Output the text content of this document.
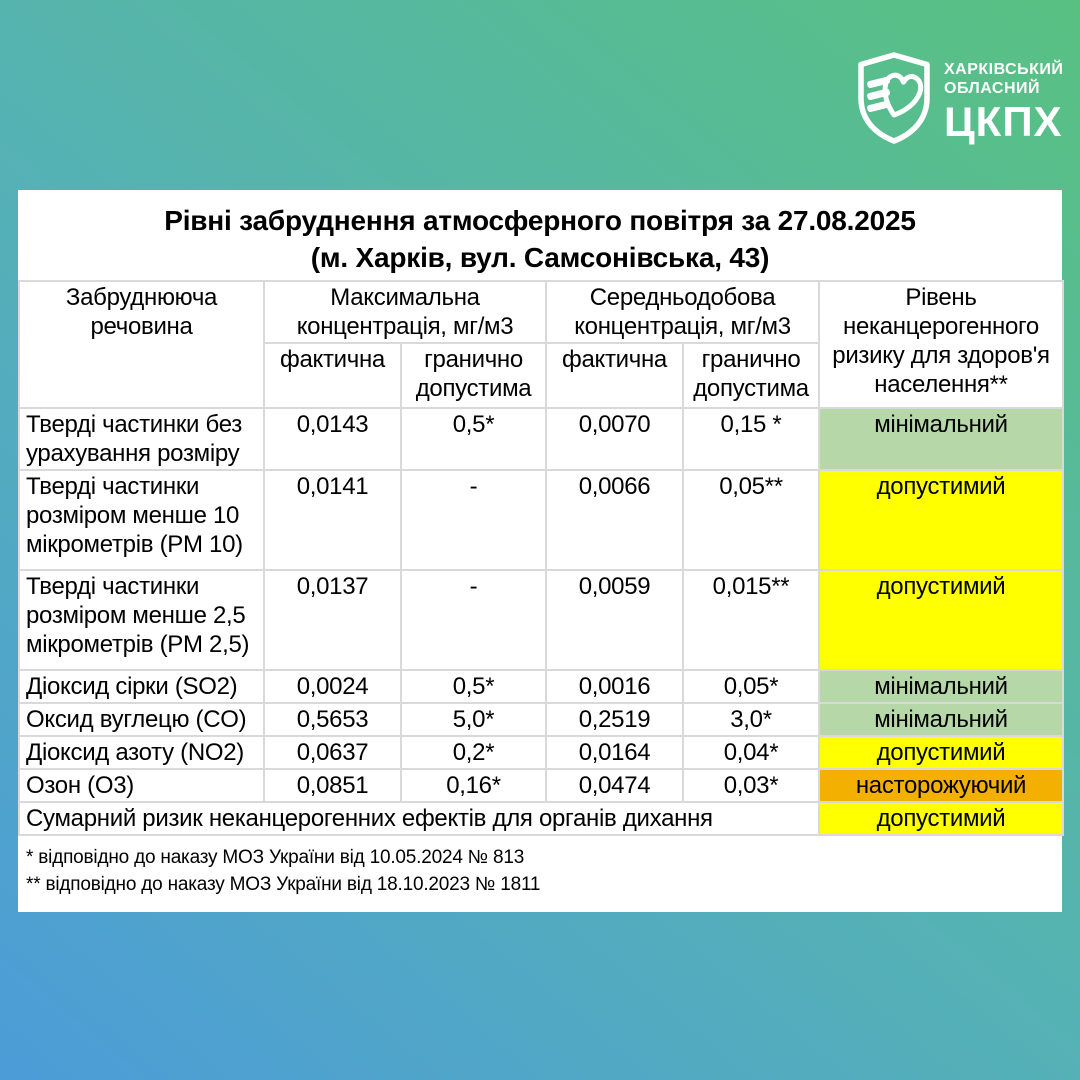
ХАРКІВСЬКИЙ
ОБЛАСНИЙ
ЦКПХ
Рівні забруднення атмосферного повітря за 27.08.2025
(м. Харків, вул. Самсонівська, 43)
Забруднююча речовина	Максимальна концентрація, мг/м3		Середньодобова концентрація, мг/м3		Рівень неканцерогенного ризику для здоров'я населення**
	фактична	гранично допустима	фактична	гранично допустима	
Тверді частинки без урахування розміру	0,0143	0,5*	0,0070	0,15 *	мінімальний
Тверді частинки розміром менше 10 мікрометрів (PM 10)	0,0141	-	0,0066	0,05**	допустимий
Тверді частинки розміром менше 2,5 мікрометрів (PM 2,5)	0,0137	-	0,0059	0,015**	допустимий
Діоксид сірки (SO2)	0,0024	0,5*	0,0016	0,05*	мінімальний
Оксид вуглецю (CO)	0,5653	5,0*	0,2519	3,0*	мінімальний
Діоксид азоту (NO2)	0,0637	0,2*	0,0164	0,04*	допустимий
Озон (O3)	0,0851	0,16*	0,0474	0,03*	насторожуючий
Сумарний ризик неканцерогенних ефектів для органів дихання					допустимий
* відповідно до наказу МОЗ України від 10.05.2024 № 813
** відповідно до наказу МОЗ України від 18.10.2023 № 1811
